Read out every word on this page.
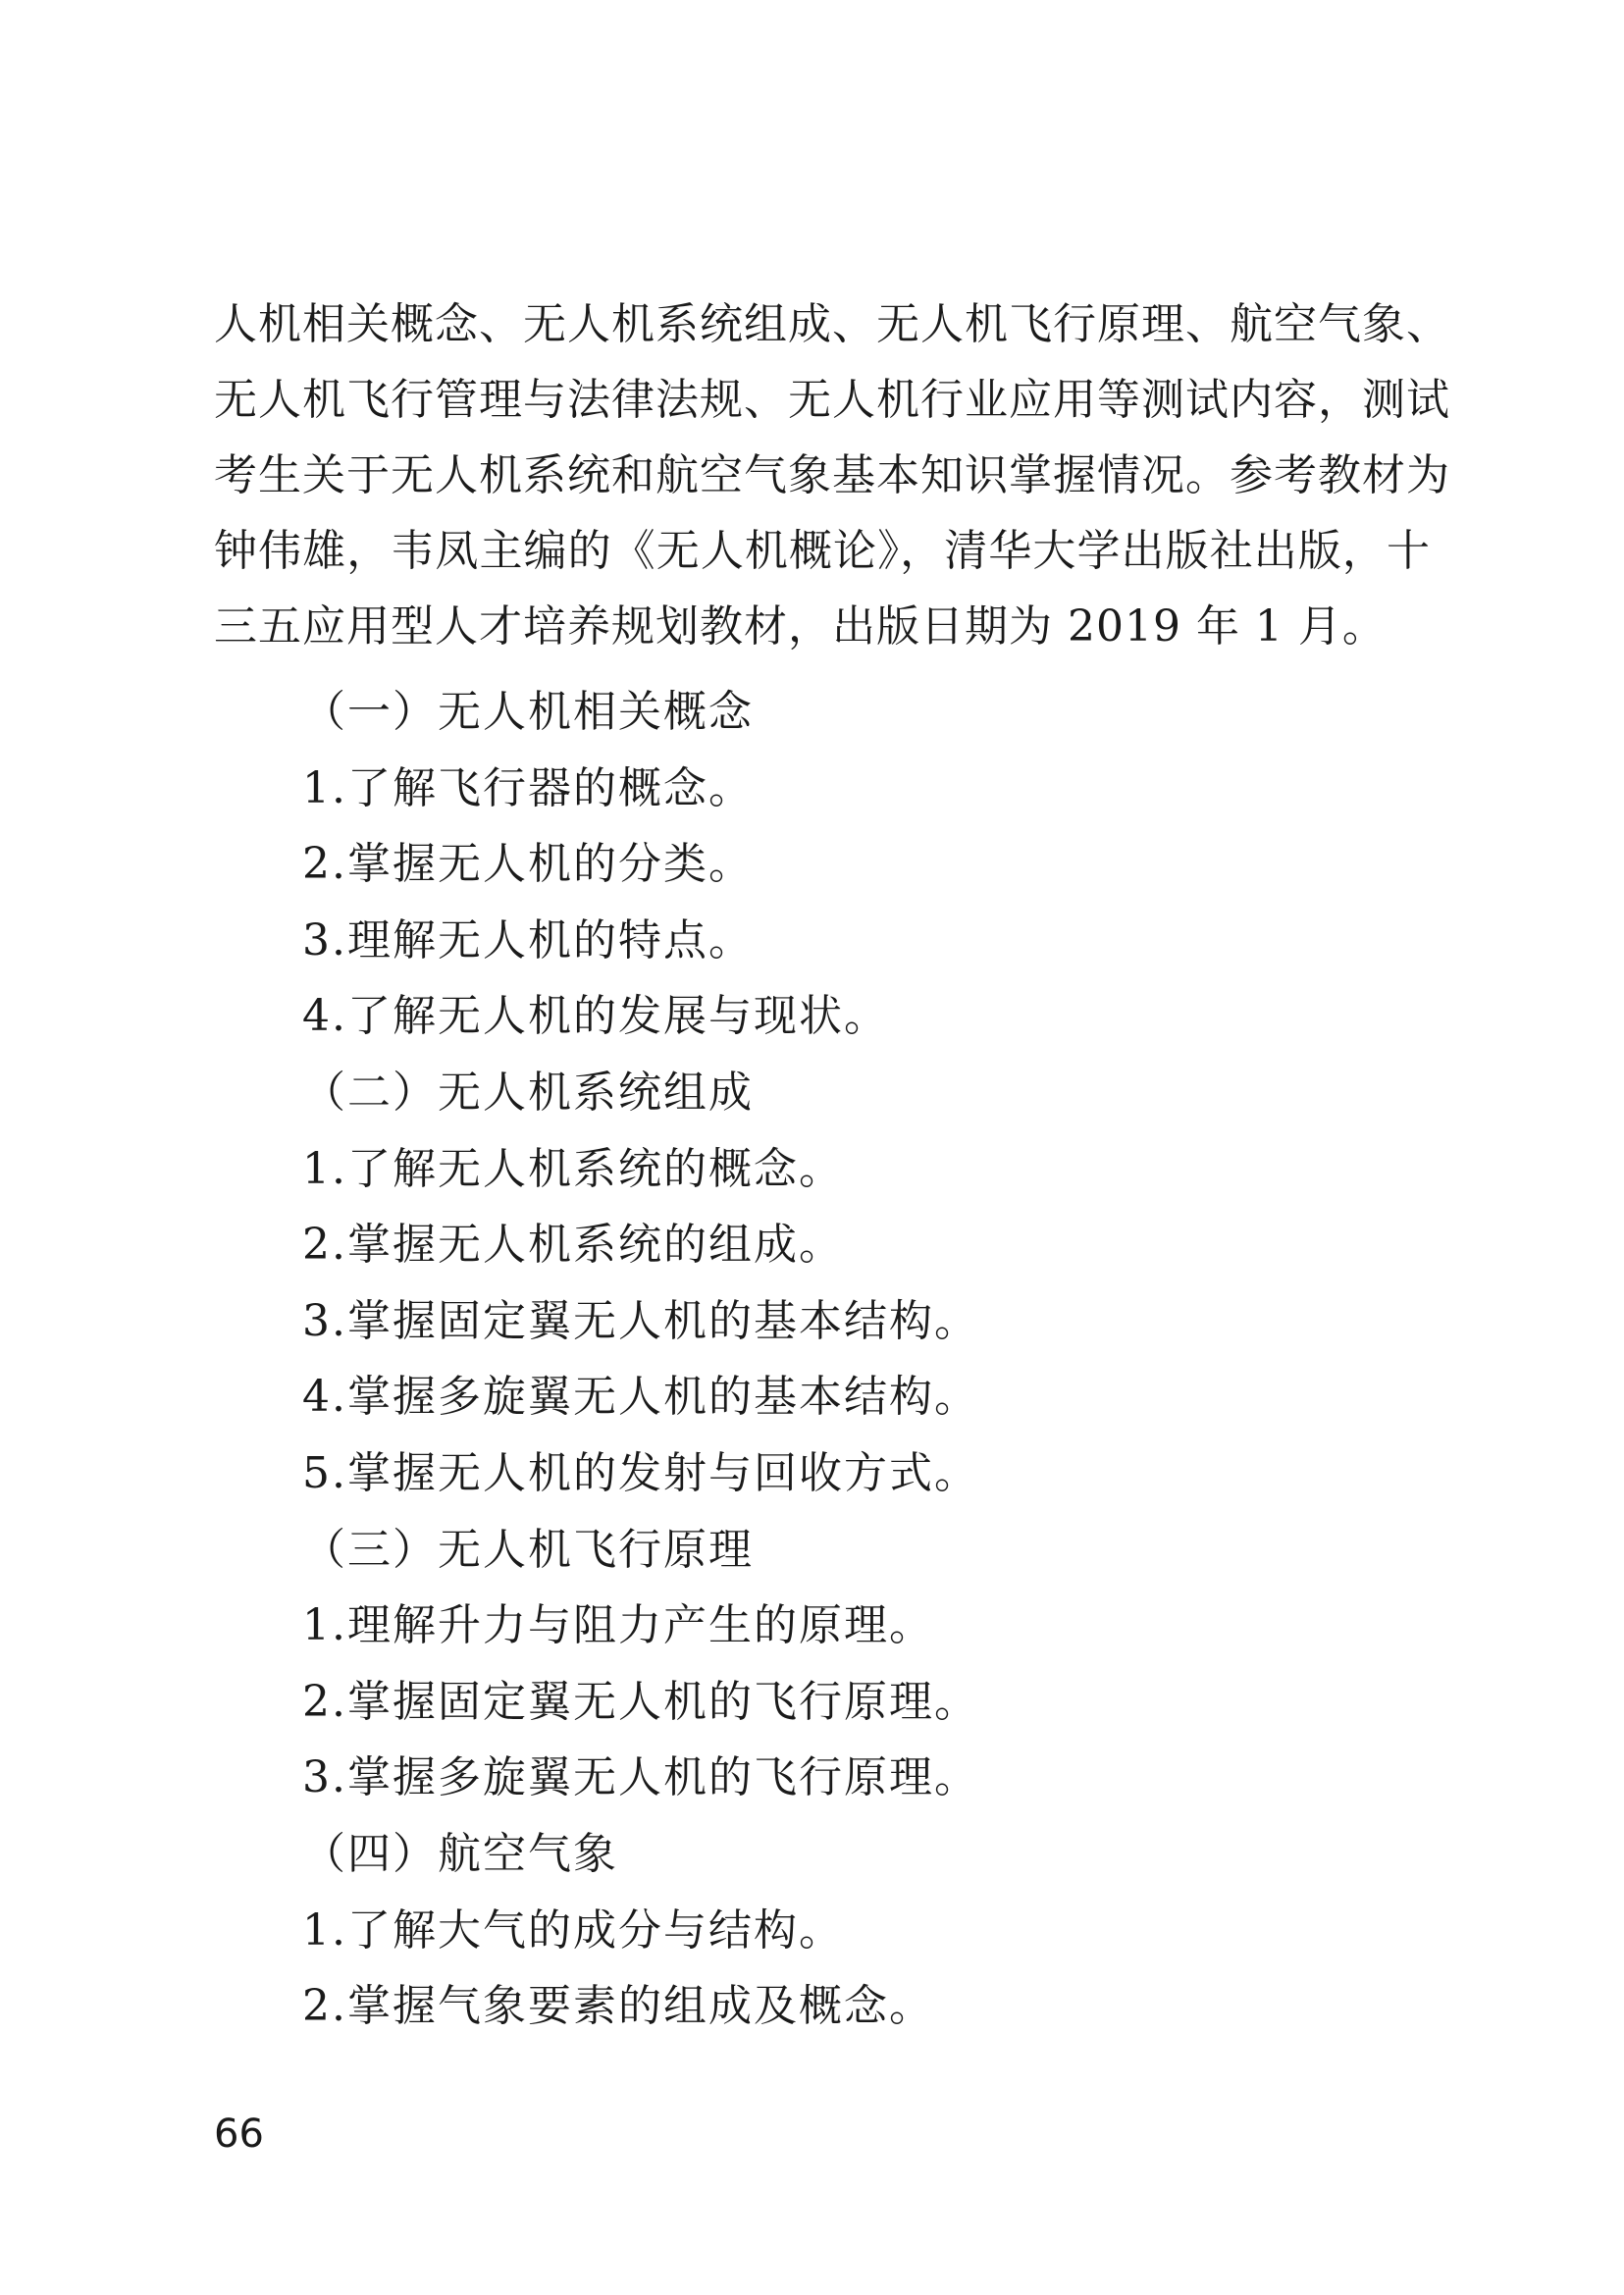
人机相关概念、无人机系统组成、无人机飞行原理、航空气象、
无人机飞行管理与法律法规、无人机行业应用等测试内容，测试
考生关于无人机系统和航空气象基本知识掌握情况。参考教材为
钟伟雄，韦凤主编的《无人机概论》，清华大学出版社出版，十
三五应用型人才培养规划教材，出版日期为 2019 年 1 月。
（一）无人机相关概念
1.了解飞行器的概念。
2.掌握无人机的分类。
3.理解无人机的特点。
4.了解无人机的发展与现状。
（二）无人机系统组成
1.了解无人机系统的概念。
2.掌握无人机系统的组成。
3.掌握固定翼无人机的基本结构。
4.掌握多旋翼无人机的基本结构。
5.掌握无人机的发射与回收方式。
（三）无人机飞行原理
1.理解升力与阻力产生的原理。
2.掌握固定翼无人机的飞行原理。
3.掌握多旋翼无人机的飞行原理。
（四）航空气象
1.了解大气的成分与结构。
2.掌握气象要素的组成及概念。
66
